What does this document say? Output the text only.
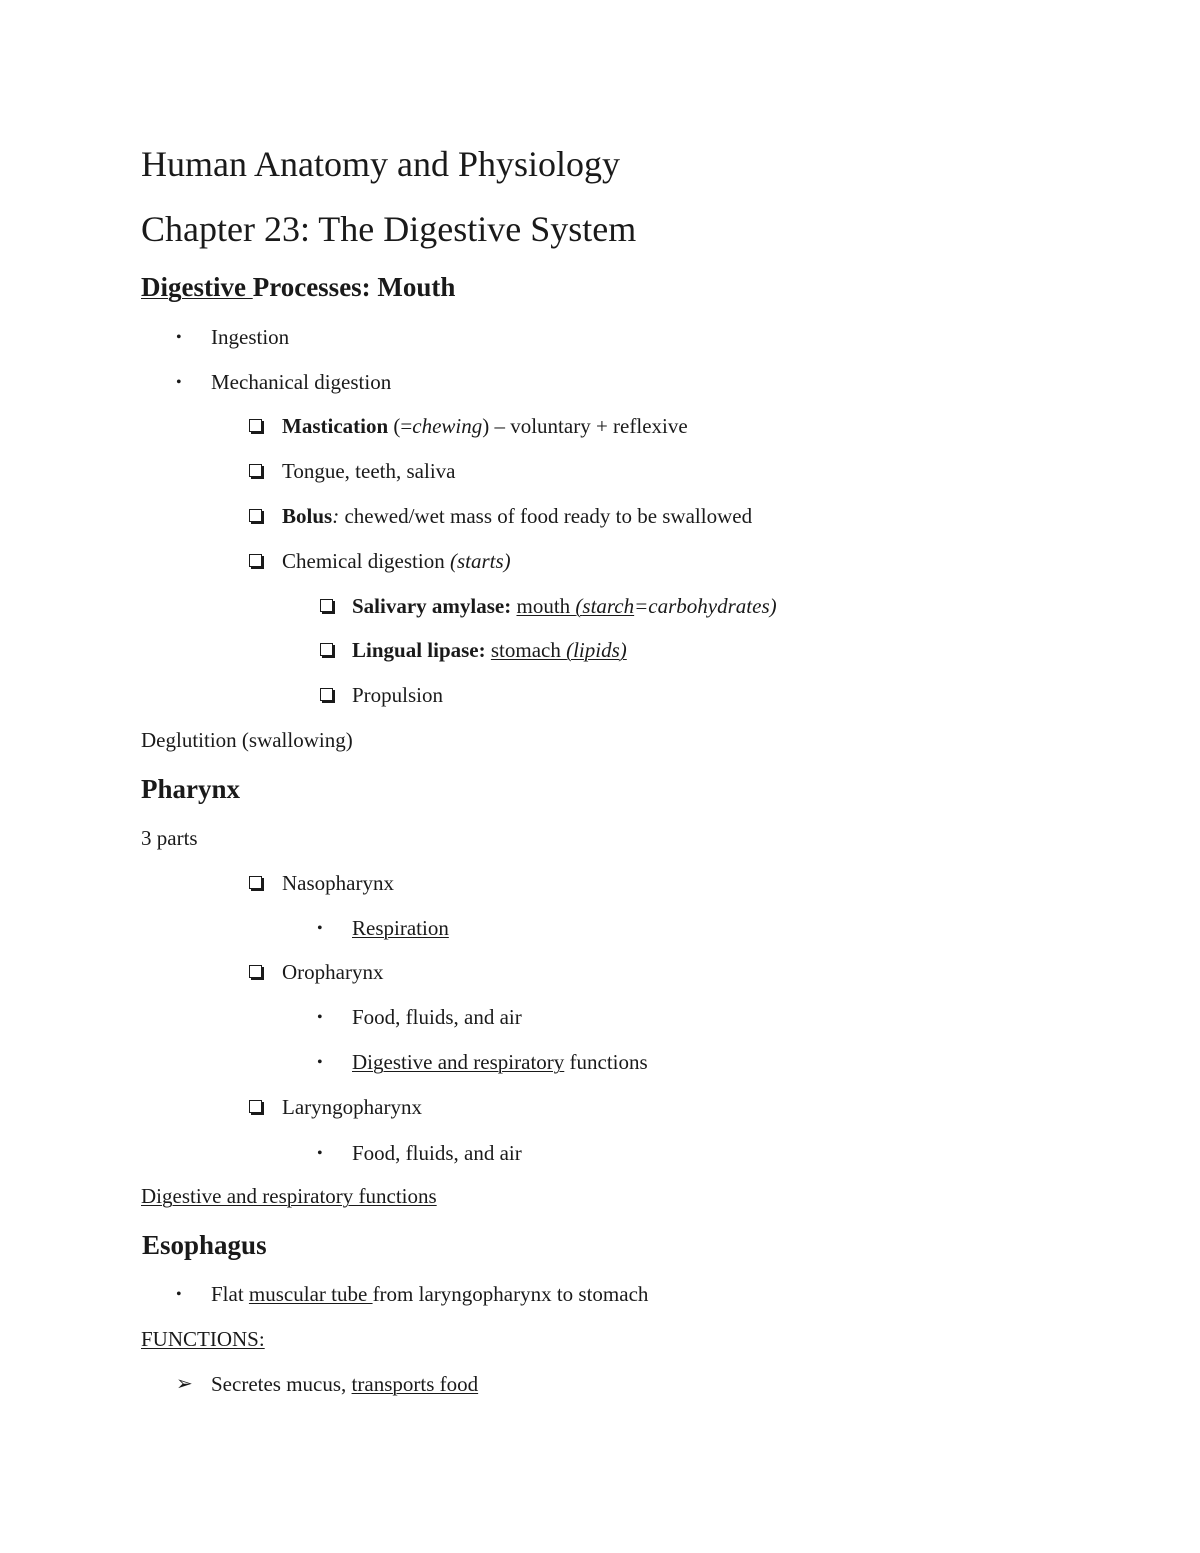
Human Anatomy and Physiology
Chapter 23: The Digestive System
Digestive Processes: Mouth
• Ingestion
• Mechanical digestion
Mastication (=chewing) – voluntary + reflexive
Tongue, teeth, saliva
Bolus: chewed/wet mass of food ready to be swallowed
Chemical digestion (starts)
Salivary amylase: mouth (starch=carbohydrates)
Lingual lipase: stomach (lipids)
Propulsion
Deglutition (swallowing)
Pharynx
3 parts
Nasopharynx
• Respiration
Oropharynx
• Food, fluids, and air
• Digestive and respiratory functions
Laryngopharynx
• Food, fluids, and air
Digestive and respiratory functions
Esophagus
• Flat muscular tube from laryngopharynx to stomach
FUNCTIONS:
➢ Secretes mucus, transports food
